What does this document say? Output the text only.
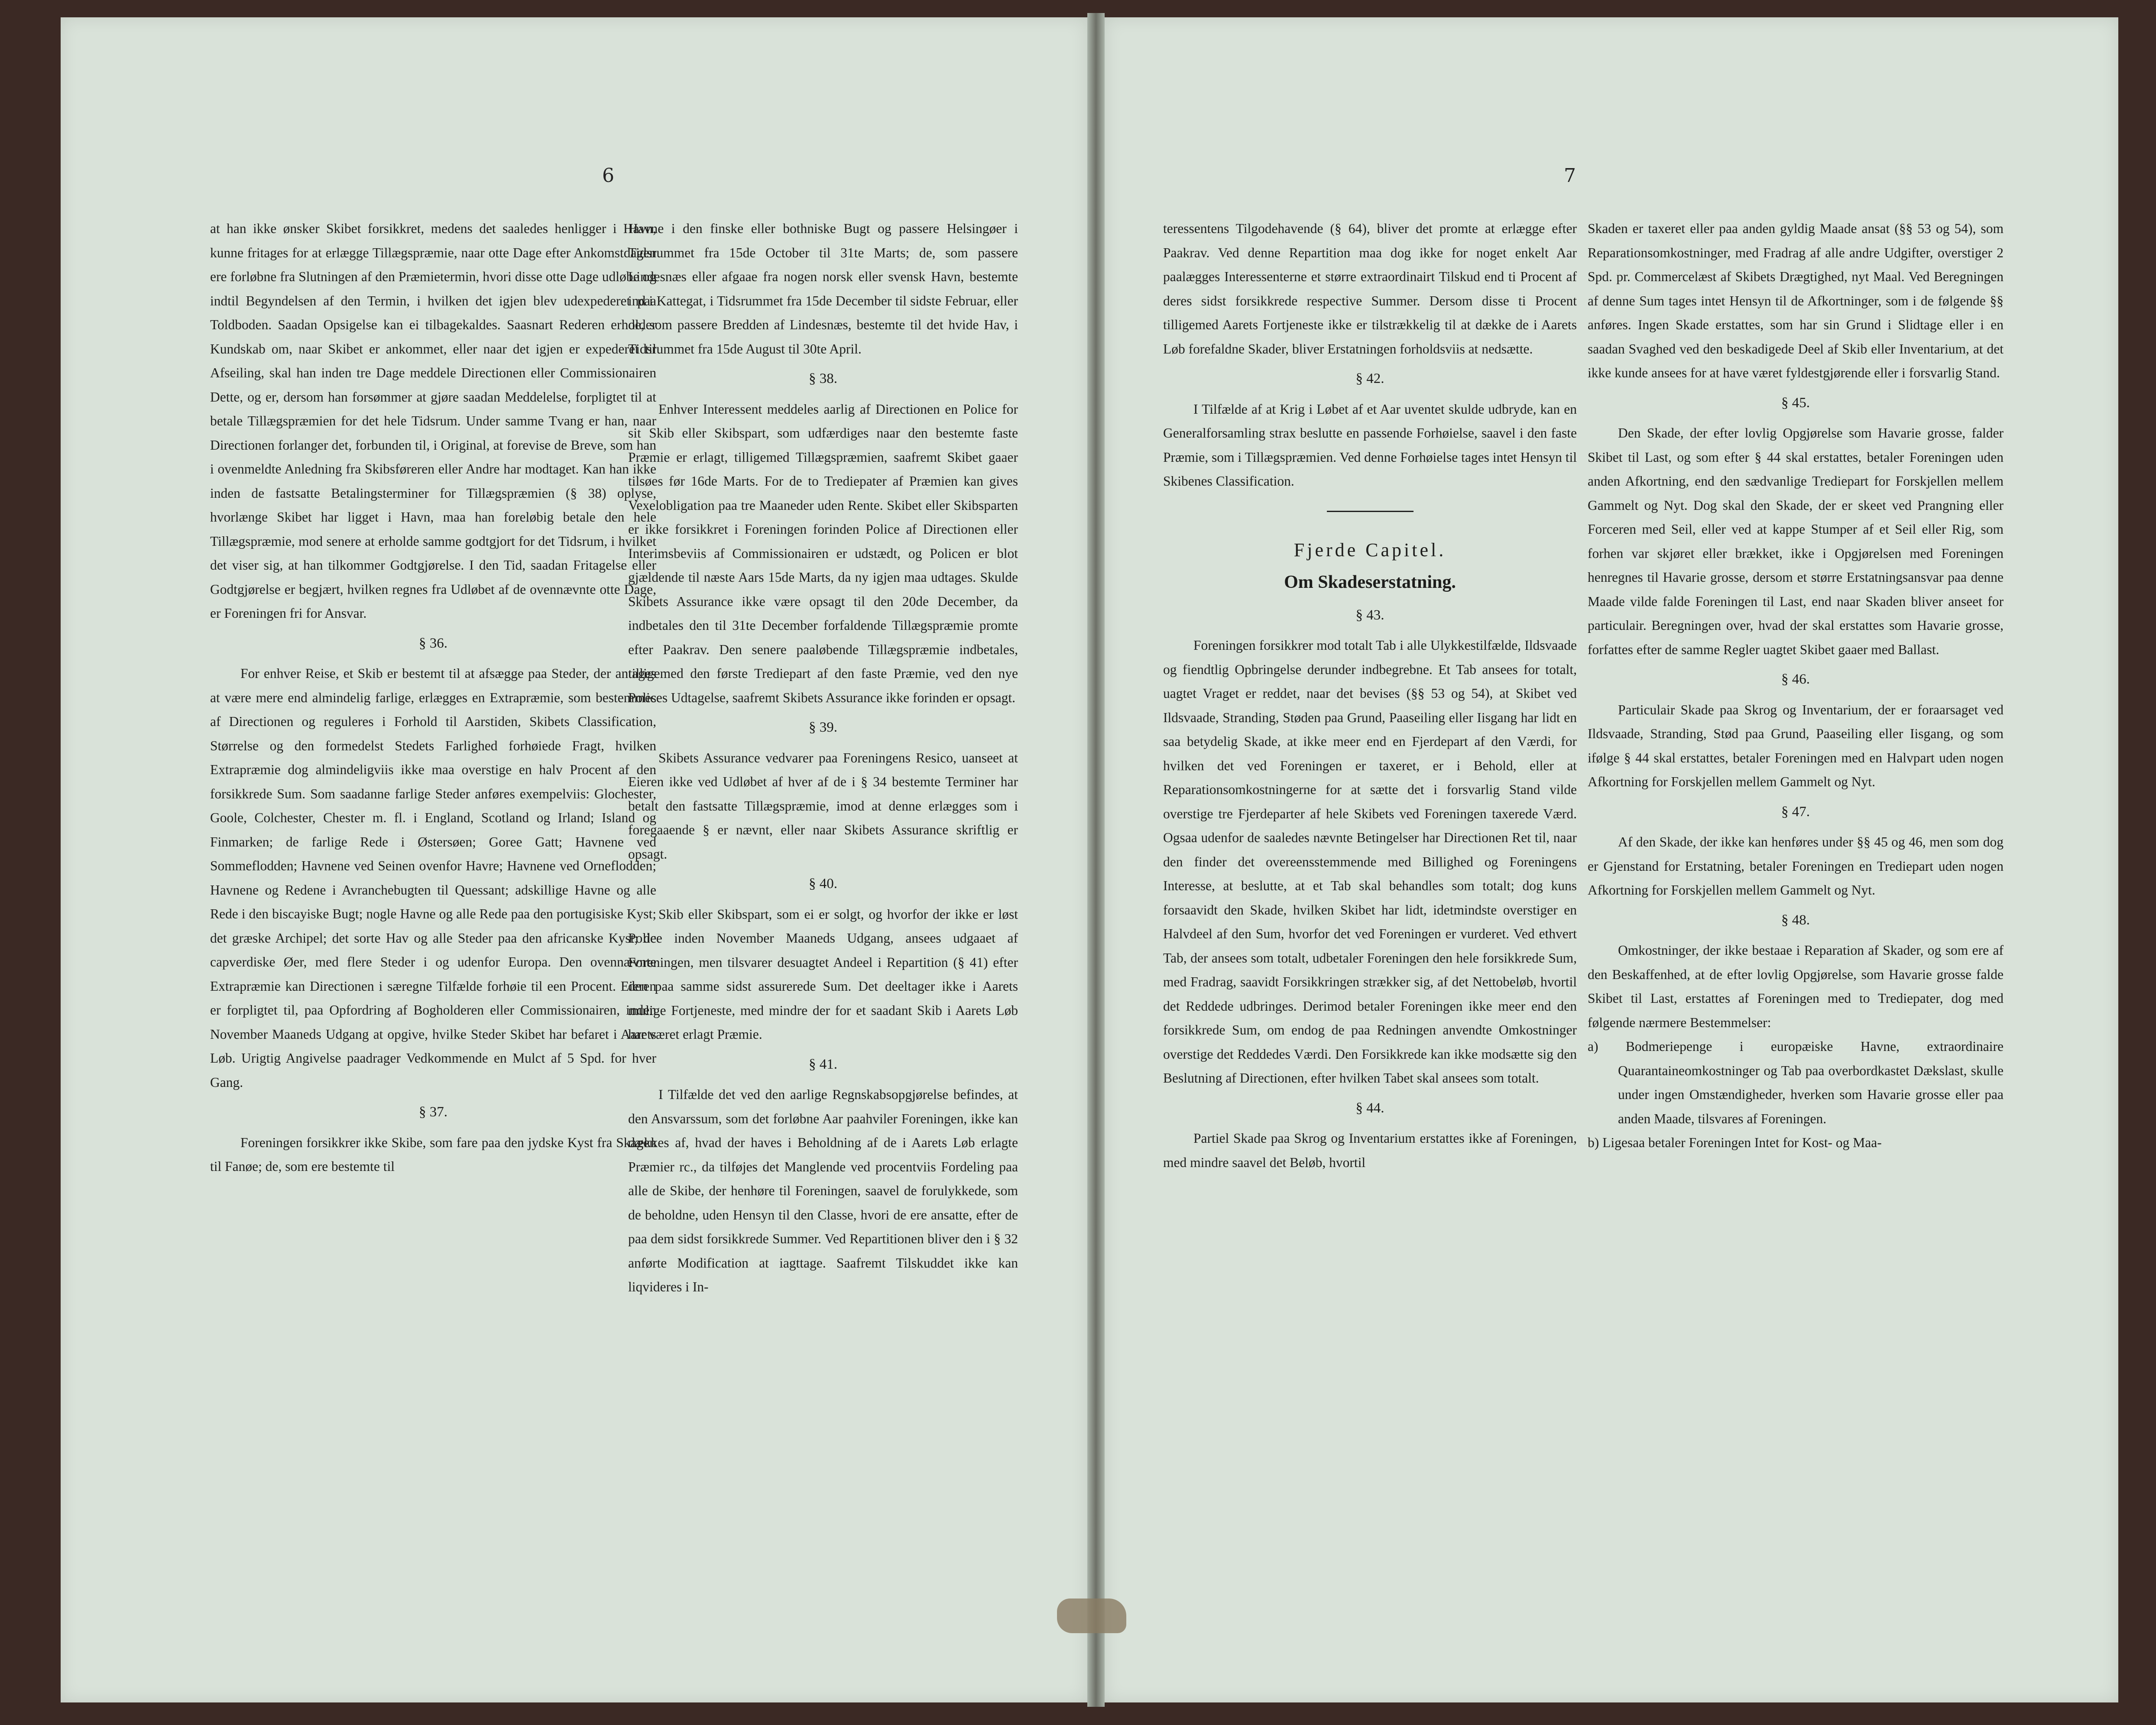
6

at han ikke ønsker Skibet forsikkret, medens det saaledes henligger i Havn, kunne fritages for at erlægge Tillægspræmie, naar otte Dage efter Ankomstdagen ere forløbne fra Slutningen af den Præmietermin, hvori disse otte Dage udløbe og indtil Begyndelsen af den Termin, i hvilken det igjen blev udexpederet paa Toldboden. Saadan Opsigelse kan ei tilbagekaldes. Saasnart Rederen erholder Kundskab om, naar Skibet er ankommet, eller naar det igjen er expederet til Afseiling, skal han inden tre Dage meddele Directionen eller Commissionairen Dette, og er, dersom han forsømmer at gjøre saadan Meddelelse, forpligtet til at betale Tillægspræmien for det hele Tidsrum. Under samme Tvang er han, naar Directionen forlanger det, forbunden til, i Original, at forevise de Breve, som han i ovenmeldte Anledning fra Skibsføreren eller Andre har modtaget. Kan han ikke inden de fastsatte Betalingsterminer for Tillægspræmien (§ 38) oplyse, hvorlænge Skibet har ligget i Havn, maa han foreløbig betale den hele Tillægspræmie, mod senere at erholde samme godtgjort for det Tidsrum, i hvilket det viser sig, at han tilkommer Godtgjørelse. I den Tid, saadan Fritagelse eller Godtgjørelse er begjært, hvilken regnes fra Udløbet af de ovennævnte otte Dage, er Foreningen fri for Ansvar.

§ 36.

For enhver Reise, et Skib er bestemt til at afsægge paa Steder, der antages at være mere end almindelig farlige, erlægges en Extrapræmie, som bestemmes af Directionen og reguleres i Forhold til Aarstiden, Skibets Classification, Størrelse og den formedelst Stedets Farlighed forhøiede Fragt, hvilken Extrapræmie dog almindeligviis ikke maa overstige en halv Procent af den forsikkrede Sum. Som saadanne farlige Steder anføres exempelviis: Glochester, Goole, Colchester, Chester m. fl. i England, Scotland og Irland; Island og Finmarken; de farlige Rede i Østersøen; Goree Gatt; Havnene ved Sommeflodden; Havnene ved Seinen ovenfor Havre; Havnene ved Orneflodden; Havnene og Redene i Avranchebugten til Quessant; adskillige Havne og alle Rede i den biscayiske Bugt; nogle Havne og alle Rede paa den portugisiske Kyst; det græske Archipel; det sorte Hav og alle Steder paa den africanske Kyst; de capverdiske Øer, med flere Steder i og udenfor Europa. Den ovennævnte Extrapræmie kan Directionen i særegne Tilfælde forhøie til een Procent. Eieren er forpligtet til, paa Opfordring af Bogholderen eller Commissionairen, inden November Maaneds Udgang at opgive, hvilke Steder Skibet har befaret i Aarets Løb. Urigtig Angivelse paadrager Vedkommende en Mulct af 5 Spd. for hver Gang.

§ 37.

Foreningen forsikkrer ikke Skibe, som fare paa den jydske Kyst fra Skagen til Fanøe; de, som ere bestemte til

Havne i den finske eller bothniske Bugt og passere Helsingøer i Tidsrummet fra 15de October til 31te Marts; de, som passere Lindesnæs eller afgaae fra nogen norsk eller svensk Havn, bestemte ind i Kattegat, i Tidsrummet fra 15de December til sidste Februar, eller de, som passere Bredden af Lindesnæs, bestemte til det hvide Hav, i Tidsrummet fra 15de August til 30te April.

§ 38.

Enhver Interessent meddeles aarlig af Directionen en Police for sit Skib eller Skibspart, som udfærdiges naar den bestemte faste Præmie er erlagt, tilligemed Tillægspræmien, saafremt Skibet gaaer tilsøes før 16de Marts. For de to Trediepater af Præmien kan gives Vexelobligation paa tre Maaneder uden Rente. Skibet eller Skibsparten er ikke forsikkret i Foreningen forinden Police af Directionen eller Interimsbeviis af Commissionairen er udstædt, og Policen er blot gjældende til næste Aars 15de Marts, da ny igjen maa udtages. Skulde Skibets Assurance ikke være opsagt til den 20de December, da indbetales den til 31te December forfaldende Tillægspræmie promte efter Paakrav. Den senere paaløbende Tillægspræmie indbetales, tilligemed den første Trediepart af den faste Præmie, ved den nye Polices Udtagelse, saafremt Skibets Assurance ikke forinden er opsagt.

§ 39.

Skibets Assurance vedvarer paa Foreningens Resico, uanseet at Eieren ikke ved Udløbet af hver af de i § 34 bestemte Terminer har betalt den fastsatte Tillægspræmie, imod at denne erlægges som i foregaaende § er nævnt, eller naar Skibets Assurance skriftlig er opsagt.

§ 40.

Skib eller Skibspart, som ei er solgt, og hvorfor der ikke er løst Police inden November Maaneds Udgang, ansees udgaaet af Foreningen, men tilsvarer desuagtet Andeel i Repartition (§ 41) efter den paa samme sidst assurerede Sum. Det deeltager ikke i Aarets mulige Fortjeneste, med mindre der for et saadant Skib i Aarets Løb har været erlagt Præmie.

§ 41.

I Tilfælde det ved den aarlige Regnskabsopgjørelse befindes, at den Ansvarssum, som det forløbne Aar paahviler Foreningen, ikke kan dækkes af, hvad der haves i Beholdning af de i Aarets Løb erlagte Præmier rc., da tilføjes det Manglende ved procentviis Fordeling paa alle de Skibe, der henhøre til Foreningen, saavel de forulykkede, som de beholdne, uden Hensyn til den Classe, hvori de ere ansatte, efter de paa dem sidst forsikkrede Summer. Ved Repartitionen bliver den i § 32 anførte Modification at iagttage. Saafremt Tilskuddet ikke kan liqvideres i In-

7

teressentens Tilgodehavende (§ 64), bliver det promte at erlægge efter Paakrav. Ved denne Repartition maa dog ikke for noget enkelt Aar paalægges Interessenterne et større extraordinairt Tilskud end ti Procent af deres sidst forsikkrede respective Summer. Dersom disse ti Procent tilligemed Aarets Fortjeneste ikke er tilstrækkelig til at dække de i Aarets Løb forefaldne Skader, bliver Erstatningen forholdsviis at nedsætte.

§ 42.

I Tilfælde af at Krig i Løbet af et Aar uventet skulde udbryde, kan en Generalforsamling strax beslutte en passende Forhøielse, saavel i den faste Præmie, som i Tillægspræmien. Ved denne Forhøielse tages intet Hensyn til Skibenes Classification.

Fjerde Capitel.

Om Skadeserstatning.

§ 43.

Foreningen forsikkrer mod totalt Tab i alle Ulykkestilfælde, Ildsvaade og fiendtlig Opbringelse derunder indbegrebne. Et Tab ansees for totalt, uagtet Vraget er reddet, naar det bevises (§§ 53 og 54), at Skibet ved Ildsvaade, Stranding, Støden paa Grund, Paaseiling eller Iisgang har lidt en saa betydelig Skade, at ikke meer end en Fjerdepart af den Værdi, for hvilken det ved Foreningen er taxeret, er i Behold, eller at Reparationsomkostningerne for at sætte det i forsvarlig Stand vilde overstige tre Fjerdeparter af hele Skibets ved Foreningen taxerede Værd. Ogsaa udenfor de saaledes nævnte Betingelser har Directionen Ret til, naar den finder det overeensstemmende med Billighed og Foreningens Interesse, at beslutte, at et Tab skal behandles som totalt; dog kuns forsaavidt den Skade, hvilken Skibet har lidt, idetmindste overstiger en Halvdeel af den Sum, hvorfor det ved Foreningen er vurderet. Ved ethvert Tab, der ansees som totalt, udbetaler Foreningen den hele forsikkrede Sum, med Fradrag, saavidt Forsikkringen strækker sig, af det Nettobeløb, hvortil det Reddede udbringes. Derimod betaler Foreningen ikke meer end den forsikkrede Sum, om endog de paa Redningen anvendte Omkostninger overstige det Reddedes Værdi. Den Forsikkrede kan ikke modsætte sig den Beslutning af Directionen, efter hvilken Tabet skal ansees som totalt.

§ 44.

Partiel Skade paa Skrog og Inventarium erstattes ikke af Foreningen, med mindre saavel det Beløb, hvortil

Skaden er taxeret eller paa anden gyldig Maade ansat (§§ 53 og 54), som Reparationsomkostninger, med Fradrag af alle andre Udgifter, overstiger 2 Spd. pr. Commercelæst af Skibets Drægtighed, nyt Maal. Ved Beregningen af denne Sum tages intet Hensyn til de Afkortninger, som i de følgende §§ anføres. Ingen Skade erstattes, som har sin Grund i Slidtage eller i en saadan Svaghed ved den beskadigede Deel af Skib eller Inventarium, at det ikke kunde ansees for at have været fyldestgjørende eller i forsvarlig Stand.

§ 45.

Den Skade, der efter lovlig Opgjørelse som Havarie grosse, falder Skibet til Last, og som efter § 44 skal erstattes, betaler Foreningen uden anden Afkortning, end den sædvanlige Trediepart for Forskjellen mellem Gammelt og Nyt. Dog skal den Skade, der er skeet ved Prangning eller Forceren med Seil, eller ved at kappe Stumper af et Seil eller Rig, som forhen var skjøret eller brækket, ikke i Opgjørelsen med Foreningen henregnes til Havarie grosse, dersom et større Erstatningsansvar paa denne Maade vilde falde Foreningen til Last, end naar Skaden bliver anseet for particulair. Beregningen over, hvad der skal erstattes som Havarie grosse, forfattes efter de samme Regler uagtet Skibet gaaer med Ballast.

§ 46.

Particulair Skade paa Skrog og Inventarium, der er foraarsaget ved Ildsvaade, Stranding, Stød paa Grund, Paaseiling eller Iisgang, og som ifølge § 44 skal erstattes, betaler Foreningen med en Halvpart uden nogen Afkortning for Forskjellen mellem Gammelt og Nyt.

§ 47.

Af den Skade, der ikke kan henføres under §§ 45 og 46, men som dog er Gjenstand for Erstatning, betaler Foreningen en Trediepart uden nogen Afkortning for Forskjellen mellem Gammelt og Nyt.

§ 48.

Omkostninger, der ikke bestaae i Reparation af Skader, og som ere af den Beskaffenhed, at de efter lovlig Opgjørelse, som Havarie grosse falde Skibet til Last, erstattes af Foreningen med to Trediepater, dog med følgende nærmere Bestemmelser:

a) Bodmeriepenge i europæiske Havne, extraordinaire Quarantaineomkostninger og Tab paa overbordkastet Dækslast, skulle under ingen Omstændigheder, hverken som Havarie grosse eller paa anden Maade, tilsvares af Foreningen.

b) Ligesaa betaler Foreningen Intet for Kost- og Maa-
